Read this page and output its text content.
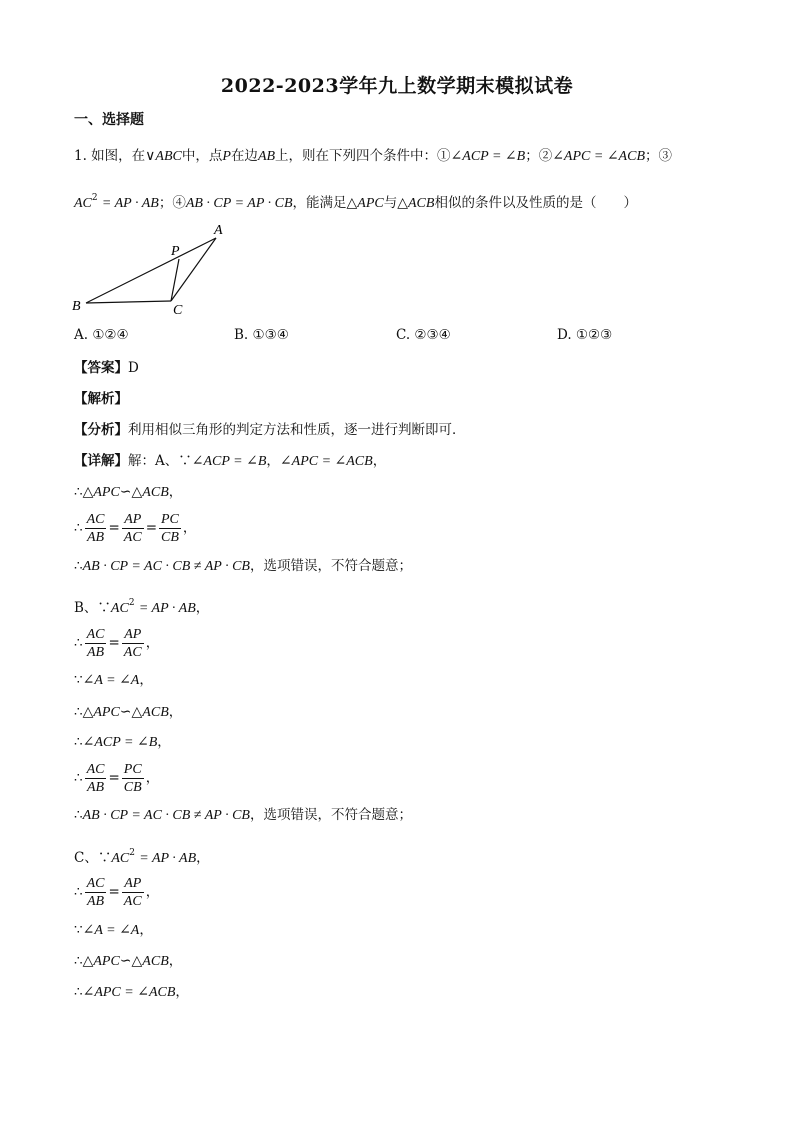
2022-2023学年九上数学期末模拟试卷
一、选择题
1. 如图，在∨ABC中，点P在边AB上，则在下列四个条件中：①∠ACP = ∠B；②∠APC = ∠ACB；③
$AC^2$ = AP · AB；④AB · CP = AP · CB，能满足△APC与△ACB相似的条件以及性质的是（　　）
A
P
B	C
A. ①②④	B. ①③④	C. ②③④	D. ①②③
【答案】D
【解析】
【分析】利用相似三角形的判定方法和性质，逐一进行判断即可．
【详解】解：A、∵∠ACP = ∠B，∠APC = ∠ACB，
∴△APC∽△ACB，
∴ $\frac{AC}{AB} = \frac{AP}{AC} = \frac{PC}{CB}$ ，
∴AB · CP = AC · CB ≠ AP · CB，选项错误，不符合题意；
B、$\because AC^2$ = AP · AB，
∴ $\frac{AC}{AB} = \frac{AP}{AC}$ ，
∵∠A = ∠A，
∴△APC∽△ACB，
∴∠ACP = ∠B，
∴ $\frac{AC}{AB} = \frac{PC}{CB}$ ，
∴AB · CP = AC · CB ≠ AP · CB，选项错误，不符合题意；
C、$\because AC^2$ = AP · AB，
∴ $\frac{AC}{AB} = \frac{AP}{AC}$ ，
∵∠A = ∠A，
∴△APC∽△ACB，
∴∠APC = ∠ACB，
